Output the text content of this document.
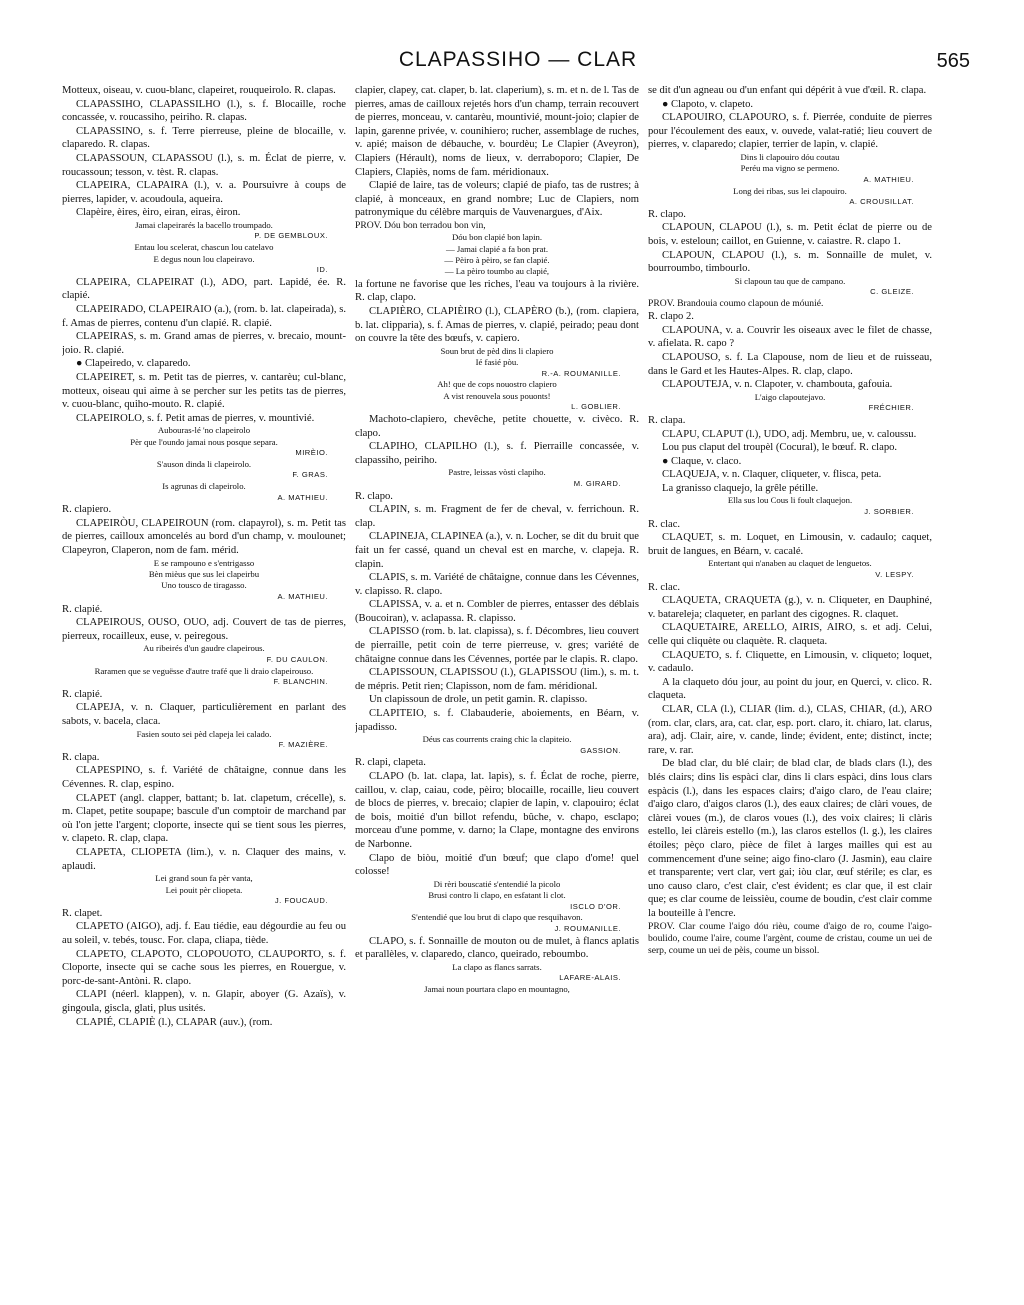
CLAPASSIHO — CLAR	565

Motteux, oiseau, v. cuou-blanc, clapeiret, rouqueirolo. R. clapas.

CLAPASSIHO, CLAPASSILHO (l.), s. f. Blocaille, roche concassée, v. roucassiho, peiriho. R. clapas.

CLAPASSINO, s. f. Terre pierreuse, pleine de blocaille, v. claparedo. R. clapas.

CLAPASSOUN, CLAPASSOU (l.), s. m. Éclat de pierre, v. roucassoun; tesson, v. tèst. R. clapas.

CLAPEIRA, CLAPAIRA (l.), v. a. Poursuivre à coups de pierres, lapider, v. acoudoula, aqueira.

Clapèire, èires, èiro, eiran, eiras, èiron.

Jamai clapeirarés la bacello troumpado.

P. DE GEMBLOUX.

Entau lou scelerat, chascun lou catelavo

E degus noun lou clapeiravo.

ID.

CLAPEIRA, CLAPEIRAT (l.), ADO, part. Lapidé, ée. R. clapié.

CLAPEIRADO, CLAPEIRAIO (a.), (rom. b. lat. clapeirada), s. f. Amas de pierres, contenu d'un clapié. R. clapié.

CLAPEIRAS, s. m. Grand amas de pierres, v. brecaio, mount-joio. R. clapié.

● Clapeiredo, v. claparedo.

CLAPEIRET, s. m. Petit tas de pierres, v. cantarèu; cul-blanc, motteux, oiseau qui aime à se percher sur les petits tas de pierres, v. cuou-blanc, quiho-mouto. R. clapié.

CLAPEIROLO, s. f. Petit amas de pierres, v. mountivié.

Aubouras-lé 'no clapeirolo

Pèr que l'oundo jamai nous posque separa.

MIRÈIO.

S'auson dinda li clapeirolo.

F. GRAS.

Is agrunas di clapeirolo.

A. MATHIEU.

R. clapiero.

CLAPEIRÒU, CLAPEIROUN (rom. clapayrol), s. m. Petit tas de pierres, cailloux amoncelés au bord d'un champ, v. moulounet; Clapeyron, Claperon, nom de fam. mérid.

E se rampouno e s'entrigasso

Bèn mièus que sus lei clapeirbu

Uno tousco de tiragasso.

A. MATHIEU.

R. clapié.

CLAPEIROUS, OUSO, OUO, adj. Couvert de tas de pierres, pierreux, rocailleux, euse, v. peiregous.

Au ribeirés d'un gaudre clapeirous.

F. DU CAULON.

Raramen que se veguësse d'autre trafé que li draio clapeirouso.

F. BLANCHIN.

R. clapié.

CLAPEJA, v. n. Claquer, particulièrement en parlant des sabots, v. bacela, claca.

Fasien souto sei pèd clapeja lei calado.

F. MAZIÈRE.

R. clapa.

CLAPESPINO, s. f. Variété de châtaigne, connue dans les Cévennes. R. clap, espino.

CLAPET (angl. clapper, battant; b. lat. clapetum, crécelle), s. m. Clapet, petite soupape; bascule d'un comptoir de marchand par où l'on jette l'argent; cloporte, insecte qui se tient sous les pierres, v. clapeto. R. clap, clapa.

CLAPETA, CLIOPETA (lim.), v. n. Claquer des mains, v. aplaudi.

Lei grand soun fa pèr vanta,

Lei pouit pèr cliopeta.

J. FOUCAUD.

R. clapet.

CLAPETO (AIGO), adj. f. Eau tiédie, eau dégourdie au feu ou au soleil, v. tebés, tousc. For. clapa, cliapa, tiède.

CLAPETO, CLAPOTO, CLOPOUOTO, CLAUPORTO, s. f. Cloporte, insecte qui se cache sous les pierres, en Rouergue, v. porc-de-sant-Antòni. R. clapo.

CLAPI (néerl. klappen), v. n. Glapir, aboyer (G. Azaïs), v. gingoula, giscla, glati, plus usités.

CLAPIÉ, CLAPIÈ (l.), CLAPAR (auv.), (rom.

clapier, clapey, cat. claper, b. lat. claperium), s. m. et n. de l. Tas de pierres, amas de cailloux rejetés hors d'un champ, terrain recouvert de pierres, monceau, v. cantarèu, mountivié, mount-joio; clapier de lapin, garenne privée, v. counihiero; rucher, assemblage de ruches, v. apié; maison de débauche, v. bourdèu; Le Clapier (Aveyron), Clapiers (Hérault), noms de lieux, v. derraboporo; Clapier, De Clapiers, Clapiès, noms de fam. méridionaux.

Clapié de laire, tas de voleurs; clapié de piafo, tas de rustres; à clapié, à monceaux, en grand nombre; Luc de Clapiers, nom patronymique du célèbre marquis de Vauvenargues, d'Aix.

PROV. Dóu bon terradou bon vin,

Dóu bon clapié bon lapin.

— Jamai clapié a fa bon prat.

— Pèiro à pèiro, se fan clapié.

— La pèiro toumbo au clapié,

la fortune ne favorise que les riches, l'eau va toujours à la rivière. R. clap, clapo.

CLAPIÈRO, CLAPIÈIRO (l.), CLAPÈRO (b.), (rom. clapiera, b. lat. clipparia), s. f. Amas de pierres, v. clapié, peirado; peau dont on couvre la tête des bœufs, v. capiero.

Soun brut de pèd dins li clapiero

Ié fasié pòu.

R.-A. ROUMANILLE.

Ah! que de cops nouostro clapiero

A vist renouvela sous pouonts!

L. GOBLIER.

Machoto-clapiero, chevêche, petite chouette, v. civèco. R. clapo.

CLAPIHO, CLAPILHO (l.), s. f. Pierraille concassée, v. clapassiho, peiriho.

Pastre, leissas vòsti clapiho.

M. GIRARD.

R. clapo.

CLAPIN, s. m. Fragment de fer de cheval, v. ferrichoun. R. clap.

CLAPINEJA, CLAPINEA (a.), v. n. Locher, se dit du bruit que fait un fer cassé, quand un cheval est en marche, v. clapeja. R. clapin.

CLAPIS, s. m. Variété de châtaigne, connue dans les Cévennes, v. clapisso. R. clapo.

CLAPISSA, v. a. et n. Combler de pierres, entasser des déblais (Boucoiran), v. aclapassa. R. clapisso.

CLAPISSO (rom. b. lat. clapissa), s. f. Décombres, lieu couvert de pierraille, petit coin de terre pierreuse, v. gres; variété de châtaigne connue dans les Cévennes, portée par le clapis. R. clapo.

CLAPISSOUN, CLAPISSOU (l.), GLAPISSOU (lim.), s. m. t. de mépris. Petit rien; Clapisson, nom de fam. méridional.

Un clapissoun de drole, un petit gamin. R. clapisso.

CLAPITEIO, s. f. Clabauderie, aboiements, en Béarn, v. japadisso.

Déus cas courrents craing chic la clapiteio.

GASSION.

R. clapi, clapeta.

CLAPO (b. lat. clapa, lat. lapis), s. f. Éclat de roche, pierre, caillou, v. clap, caiau, code, pèiro; blocaille, rocaille, lieu couvert de blocs de pierres, v. brecaio; clapier de lapin, v. clapouiro; éclat de bois, moitié d'un billot refendu, bûche, v. chapo, esclapo; morceau d'une pomme, v. darno; la Clape, montagne des environs de Narbonne.

Clapo de biòu, moitié d'un bœuf; que clapo d'ome! quel colosse!

Di rèri bouscatié s'entendié la picolo

Brusi contro li clapo, en esfatant li clot.

ISCLO D'OR.

S'entendié que lou brut di clapo que resquihavon.

J. ROUMANILLE.

CLAPO, s. f. Sonnaille de mouton ou de mulet, à flancs aplatis et parallèles, v. claparedo, clanco, queirado, reboumbo.

La clapo as flancs sarrats.

LAFARE-ALAIS.

Jamai noun pourtara clapo en mountagno,

se dit d'un agneau ou d'un enfant qui dépérit à vue d'œil. R. clapa.

● Clapoto, v. clapeto.

CLAPOUIRO, CLAPOURO, s. f. Pierrée, conduite de pierres pour l'écoulement des eaux, v. ouvede, valat-ratié; lieu couvert de pierres, v. claparedo; clapier, terrier de lapin, v. clapié.

Dins li clapouiro dóu coutau

Peréu ma vigno se permeno.

A. MATHIEU.

Long dei ribas, sus lei clapouiro.

A. CROUSILLAT.

R. clapo.

CLAPOUN, CLAPOU (l.), s. m. Petit éclat de pierre ou de bois, v. esteloun; caillot, en Guienne, v. caiastre. R. clapo 1.

CLAPOUN, CLAPOU (l.), s. m. Sonnaille de mulet, v. bourroumbo, timbourlo.

Si clapoun tau que de campano.

C. GLEIZE.

PROV. Brandouia coumo clapoun de móunié.

R. clapo 2.

CLAPOUNA, v. a. Couvrir les oiseaux avec le filet de chasse, v. afielata. R. capo ?

CLAPOUSO, s. f. La Clapouse, nom de lieu et de ruisseau, dans le Gard et les Hautes-Alpes. R. clap, clapo.

CLAPOUTEJA, v. n. Clapoter, v. chambouta, gafouia.

L'aigo clapoutejavo.

FRÉCHIER.

R. clapa.

CLAPU, CLAPUT (l.), UDO, adj. Membru, ue, v. caloussu.

Lou pus claput del troupèl (Cocural), le bœuf. R. clapo.

● Claque, v. claco.

CLAQUEJA, v. n. Claquer, cliqueter, v. flisca, peta.

La granisso claquejo, la grêle pétille.

Ella sus lou Cous li foult claquejon.

J. SORBIER.

R. clac.

CLAQUET, s. m. Loquet, en Limousin, v. cadaulo; caquet, bruit de langues, en Béarn, v. cacalé.

Entertant qui n'anaben au claquet de lenguetos.

V. LESPY.

R. clac.

CLAQUETA, CRAQUETA (g.), v. n. Cliqueter, en Dauphiné, v. batareleja; claqueter, en parlant des cigognes. R. claquet.

CLAQUETAIRE, ARELLO, AIRIS, AIRO, s. et adj. Celui, celle qui cliquète ou claquète. R. claqueta.

CLAQUETO, s. f. Cliquette, en Limousin, v. cliqueto; loquet, v. cadaulo.

A la claqueto dóu jour, au point du jour, en Querci, v. clico. R. claqueta.

CLAR, CLA (l.), CLIAR (lim. d.), CLAS, CHIAR, (d.), ARO (rom. clar, clars, ara, cat. clar, esp. port. claro, it. chiaro, lat. clarus, ara), adj. Clair, aire, v. cande, linde; évident, ente; distinct, incte; rare, v. rar.

De blad clar, du blé clair; de blad clar, de blads clars (l.), des blés clairs; dins lis espàci clar, dins li clars espàci, dins lous clars espàcis (l.), dans les espaces clairs; d'aigo claro, de l'eau claire; d'aigo claro, d'aigos claros (l.), des eaux claires; de clàri voues, de clàrei voues (m.), de claros voues (l.), des voix claires; li clàris estello, lei clàreis estello (m.), las claros estellos (l. g.), les claires étoiles; pèço claro, pièce de filet à larges mailles qui est au commencement d'une seine; aigo fino-claro (J. Jasmin), eau claire et transparente; vert clar, vert gai; iòu clar, œuf stérile; es clar, es uno causo claro, c'est clair, c'est évident; es clar que, il est clair que; es clar coume de leissièu, coume de boudin, c'est clair comme la bouteille à l'encre.

PROV. Clar coume l'aigo dóu rièu, coume d'aigo de ro, coume l'aigo-boulido, coume l'aire, coume l'argènt, coume de cristau, coume un uei de serp, coume un uei de pèis, coume un bissol.
